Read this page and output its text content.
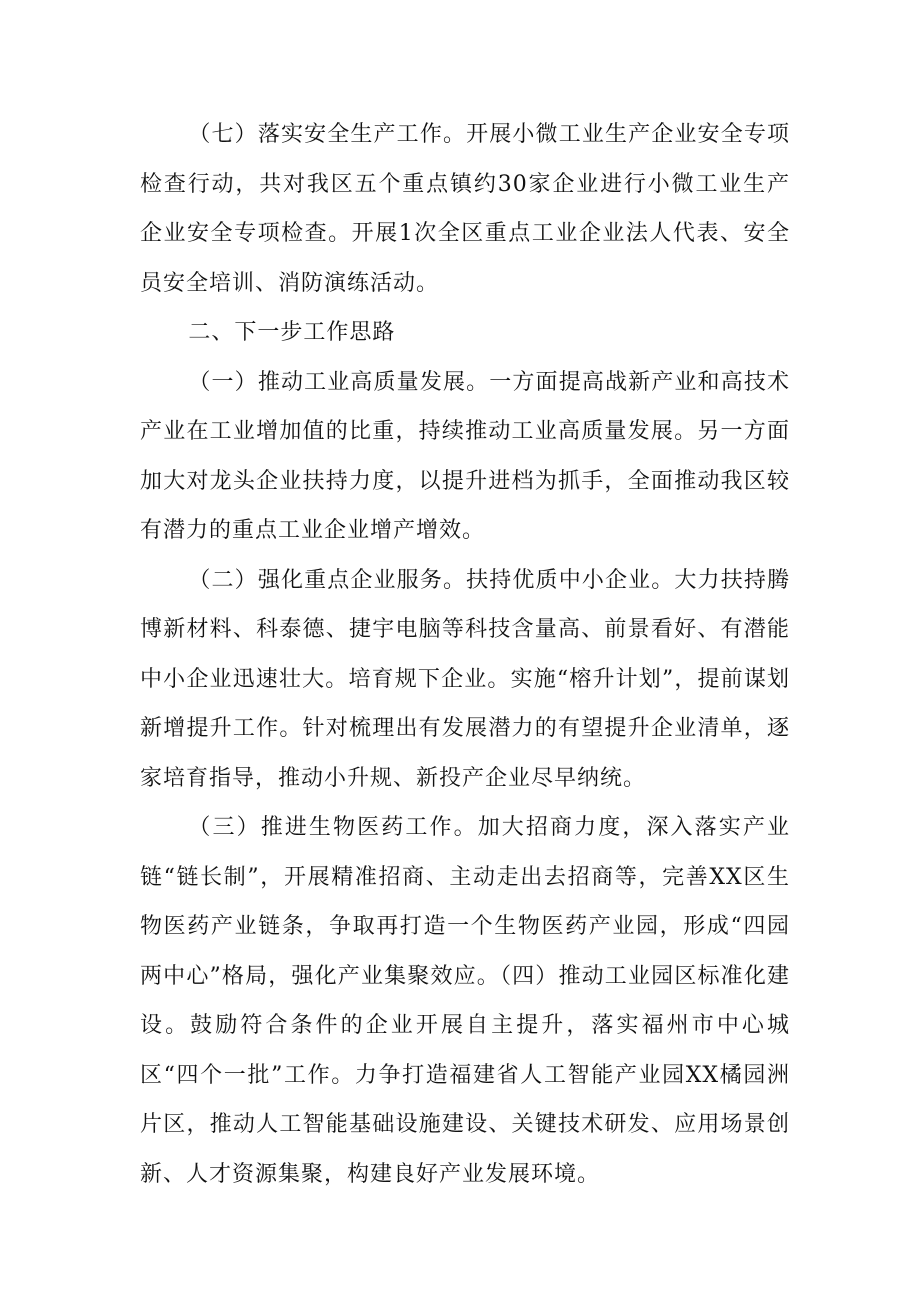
（七）落实安全生产工作。开展小微工业生产企业安全专项检查行动，共对我区五个重点镇约30家企业进行小微工业生产企业安全专项检查。开展1次全区重点工业企业法人代表、安全员安全培训、消防演练活动。

二、下一步工作思路

（一）推动工业高质量发展。一方面提高战新产业和高技术产业在工业增加值的比重，持续推动工业高质量发展。另一方面加大对龙头企业扶持力度，以提升进档为抓手，全面推动我区较有潜力的重点工业企业增产增效。

（二）强化重点企业服务。扶持优质中小企业。大力扶持腾博新材料、科泰德、捷宇电脑等科技含量高、前景看好、有潜能中小企业迅速壮大。培育规下企业。实施“榕升计划”，提前谋划新增提升工作。针对梳理出有发展潜力的有望提升企业清单，逐家培育指导，推动小升规、新投产企业尽早纳统。

（三）推进生物医药工作。加大招商力度，深入落实产业链“链长制”，开展精准招商、主动走出去招商等，完善XX区生物医药产业链条，争取再打造一个生物医药产业园，形成“四园两中心”格局，强化产业集聚效应。（四）推动工业园区标准化建设。鼓励符合条件的企业开展自主提升，落实福州市中心城区“四个一批”工作。力争打造福建省人工智能产业园XX橘园洲片区，推动人工智能基础设施建设、关键技术研发、应用场景创新、人才资源集聚，构建良好产业发展环境。
